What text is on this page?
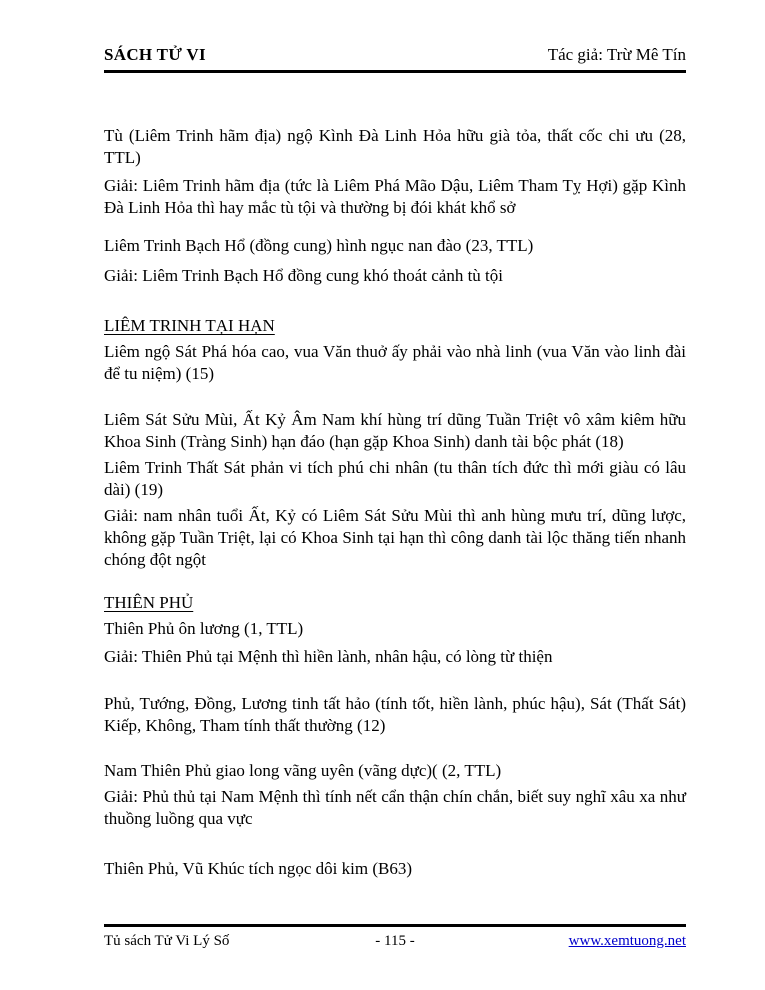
SÁCH TỬ VI	Tác giả: Trừ Mê Tín

Tù (Liêm Trinh hãm địa) ngộ Kình Đà Linh Hỏa hữu già tỏa, thất cốc chi ưu (28, TTL)

Giải: Liêm Trinh hãm địa (tức là Liêm Phá Mão Dậu, Liêm Tham Tỵ Hợi) gặp Kình Đà Linh Hỏa thì hay mắc tù tội và thường bị đói khát khổ sở

Liêm Trinh Bạch Hổ (đồng cung) hình ngục nan đào (23, TTL)

Giải: Liêm Trinh Bạch Hổ đồng cung khó thoát cảnh tù tội

LIÊM TRINH TẠI HẠN

Liêm ngộ Sát Phá hóa cao, vua Văn thuở ấy phải vào nhà linh (vua Văn vào linh đài để tu niệm) (15)

Liêm Sát Sửu Mùi, Ất Kỷ Âm Nam khí hùng trí dũng Tuần Triệt vô xâm kiêm hữu Khoa Sinh (Tràng Sinh) hạn đáo (hạn gặp Khoa Sinh) danh tài bộc phát (18)

Liêm Trinh Thất Sát phản vi tích phú chi nhân (tu thân tích đức thì mới giàu có lâu dài) (19)

Giải: nam nhân tuổi Ất, Kỷ có Liêm Sát Sửu Mùi thì anh hùng mưu trí, dũng lược, không gặp Tuần Triệt, lại có Khoa Sinh tại hạn thì công danh tài lộc thăng tiến nhanh chóng đột ngột

THIÊN PHỦ

Thiên Phủ ôn lương (1, TTL)

Giải: Thiên Phủ tại Mệnh thì hiền lành, nhân hậu, có lòng từ thiện

Phủ, Tướng, Đồng, Lương tinh tất hảo (tính tốt, hiền lành, phúc hậu), Sát (Thất Sát) Kiếp, Không, Tham tính thất thường (12)

Nam Thiên Phủ giao long vãng uyên (vãng dực)( (2, TTL)

Giải: Phủ thủ tại Nam Mệnh thì tính nết cẩn thận chín chắn, biết suy nghĩ xâu xa như thuồng luồng qua vực

Thiên Phủ, Vũ Khúc tích ngọc dôi kim (B63)

Tủ sách Tử Vi Lý Số	- 115 -	www.xemtuong.net
